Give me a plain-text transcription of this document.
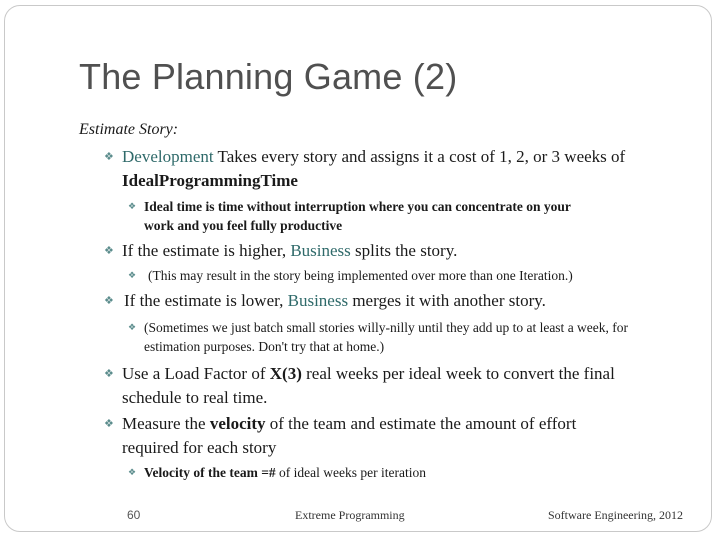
The Planning Game (2)
Estimate Story:
❖ Development Takes every story and assigns it a cost of 1, 2, or 3 weeks of
IdealProgrammingTime
❖ Ideal time is time without interruption where you can concentrate on your
work and you feel fully productive
❖ If the estimate is higher, Business splits the story.
❖ (This may result in the story being implemented over more than one Iteration.)
❖ If the estimate is lower, Business merges it with another story.
❖ (Sometimes we just batch small stories willy-nilly until they add up to at least a week, for
estimation purposes. Don't try that at home.)
❖ Use a Load Factor of X(3) real weeks per ideal week to convert the final
schedule to real time.
❖ Measure the velocity of the team and estimate the amount of effort
required for each story
❖ Velocity of the team =# of ideal weeks per iteration
60	Extreme Programming	Software Engineering, 2012
